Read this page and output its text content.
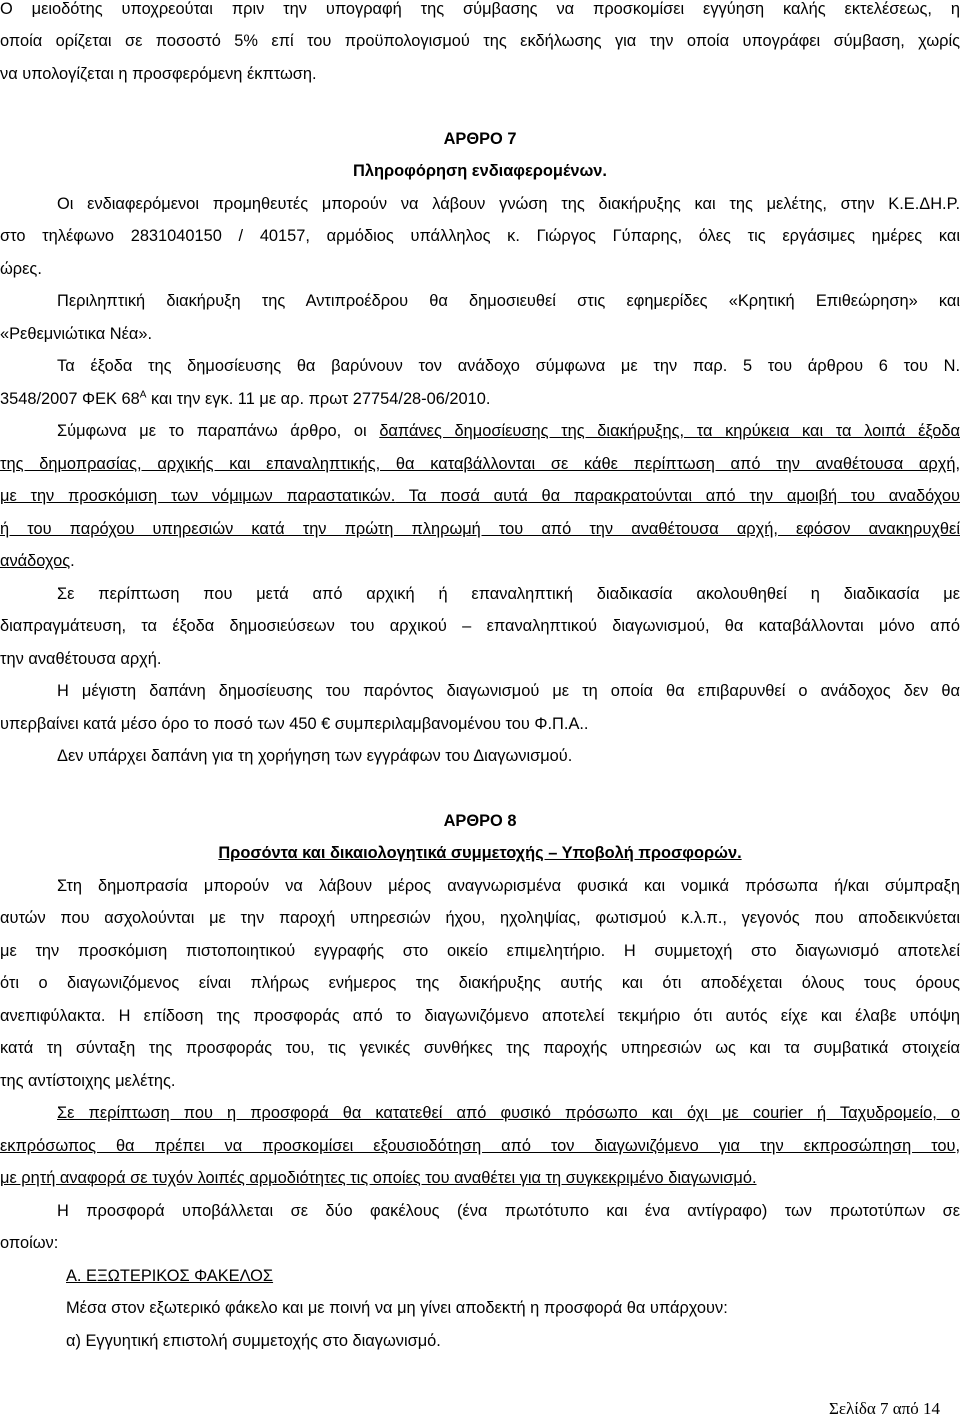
Ο μειοδότης υποχρεούται πριν την υπογραφή της σύμβασης να προσκομίσει εγγύηση καλής εκτελέσεως, η
οποία ορίζεται σε ποσοστό 5% επί του προϋπολογισμού της εκδήλωσης για την οποία υπογράφει σύμβαση, χωρίς
να υπολογίζεται η προσφερόμενη έκπτωση.
ΑΡΘΡΟ 7
Πληροφόρηση ενδιαφερομένων.
Οι ενδιαφερόμενοι προμηθευτές μπορούν να λάβουν γνώση της διακήρυξης και της μελέτης, στην Κ.Ε.ΔΗ.Ρ.
στο τηλέφωνο 2831040150 / 40157, αρμόδιος υπάλληλος κ. Γιώργος Γύπαρης, όλες τις εργάσιμες ημέρες και
ώρες.
Περιληπτική διακήρυξη της Αντιπροέδρου θα δημοσιευθεί στις εφημερίδες «Κρητική Επιθεώρηση» και
«Ρεθεμνιώτικα Νέα».
Τα έξοδα της δημοσίευσης θα βαρύνουν τον ανάδοχο σύμφωνα με την παρ. 5 του άρθρου 6 του Ν.
3548/2007 ΦΕΚ $68^A$ και την εγκ. 11 με αρ. πρωτ 27754/28-06/2010.
Σύμφωνα με το παραπάνω άρθρο, οι δαπάνες δημοσίευσης της διακήρυξης, τα κηρύκεια και τα λοιπά έξοδα
της δημοπρασίας, αρχικής και επαναληπτικής, θα καταβάλλονται σε κάθε περίπτωση από την αναθέτουσα αρχή,
με την προσκόμιση των νόμιμων παραστατικών. Τα ποσά αυτά θα παρακρατούνται από την αμοιβή του αναδόχου
ή του παρόχου υπηρεσιών κατά την πρώτη πληρωμή του από την αναθέτουσα αρχή, εφόσον ανακηρυχθεί
ανάδοχος.
Σε περίπτωση που μετά από αρχική ή επαναληπτική διαδικασία ακολουθηθεί η διαδικασία με
διαπραγμάτευση, τα έξοδα δημοσιεύσεων του αρχικού – επαναληπτικού διαγωνισμού, θα καταβάλλονται μόνο από
την αναθέτουσα αρχή.
Η μέγιστη δαπάνη δημοσίευσης του παρόντος διαγωνισμού με τη οποία θα επιβαρυνθεί ο ανάδοχος δεν θα
υπερβαίνει κατά μέσο όρο το ποσό των 450 € συμπεριλαμβανομένου του Φ.Π.Α..
Δεν υπάρχει δαπάνη για τη χορήγηση των εγγράφων του Διαγωνισμού.
ΑΡΘΡΟ 8
Προσόντα και δικαιολογητικά συμμετοχής – Υποβολή προσφορών.
Στη δημοπρασία μπορούν να λάβουν μέρος αναγνωρισμένα φυσικά και νομικά πρόσωπα ή/και σύμπραξη
αυτών που ασχολούνται με την παροχή υπηρεσιών ήχου, ηχοληψίας, φωτισμού κ.λ.π., γεγονός που αποδεικνύεται
με την προσκόμιση πιστοποιητικού εγγραφής στο οικείο επιμελητήριο. Η συμμετοχή στο διαγωνισμό αποτελεί
ότι ο διαγωνιζόμενος είναι πλήρως ενήμερος της διακήρυξης αυτής και ότι αποδέχεται όλους τους όρους
ανεπιφύλακτα. Η επίδοση της προσφοράς από το διαγωνιζόμενο αποτελεί τεκμήριο ότι αυτός είχε και έλαβε υπόψη
κατά τη σύνταξη της προσφοράς του, τις γενικές συνθήκες της παροχής υπηρεσιών ως και τα συμβατικά στοιχεία
της αντίστοιχης μελέτης.
Σε περίπτωση που η προσφορά θα κατατεθεί από φυσικό πρόσωπο και όχι με courier ή Ταχυδρομείο, ο
εκπρόσωπος θα πρέπει να προσκομίσει εξουσιοδότηση από τον διαγωνιζόμενο για την εκπροσώπηση του,
με ρητή αναφορά σε τυχόν λοιπές αρμοδιότητες τις οποίες του αναθέτει για τη συγκεκριμένο διαγωνισμό.
Η προσφορά υποβάλλεται σε δύο φακέλους (ένα πρωτότυπο και ένα αντίγραφο) των πρωτοτύπων σε
οποίων:
Α. ΕΞΩΤΕΡΙΚΟΣ ΦΑΚΕΛΟΣ
Μέσα στον εξωτερικό φάκελο και με ποινή να μη γίνει αποδεκτή η προσφορά θα υπάρχουν:
α) Εγγυητική επιστολή συμμετοχής στο διαγωνισμό.
Σελίδα 7 από 14
